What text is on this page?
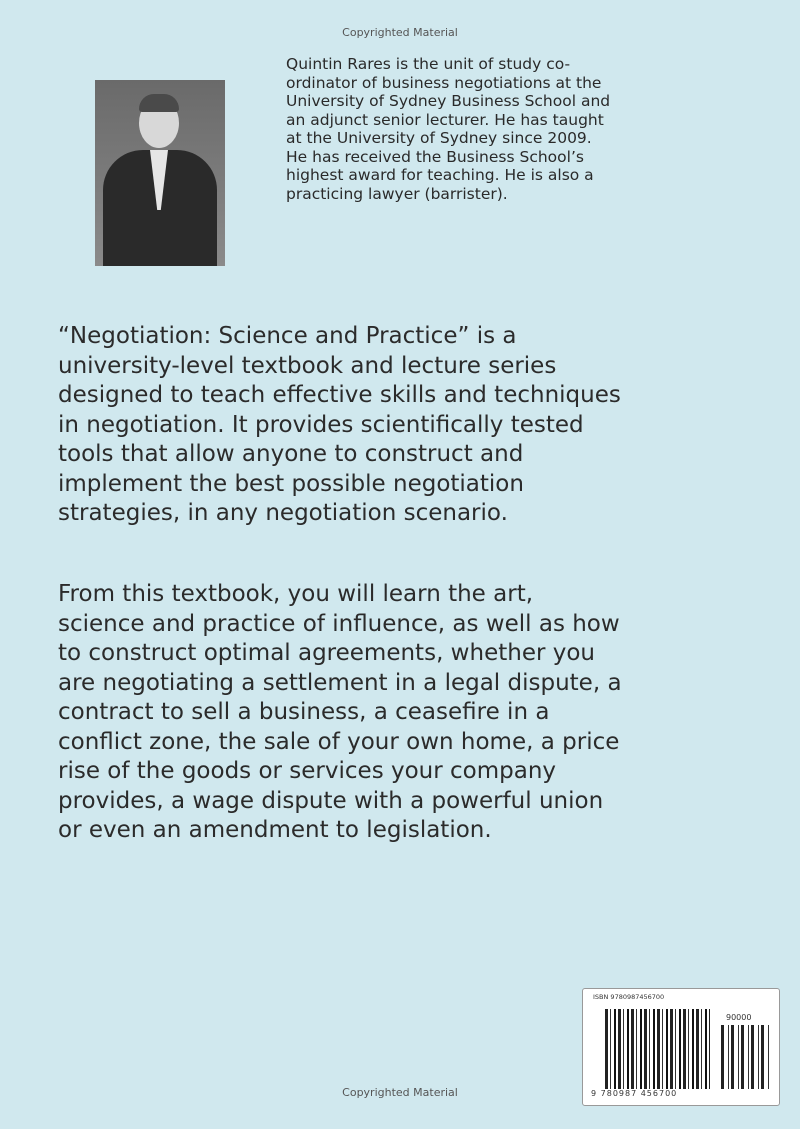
Copyrighted Material
Quintin Rares is the unit of study co-
ordinator of business negotiations at the
University of Sydney Business School and
an adjunct senior lecturer. He has taught
at the University of Sydney since 2009.
He has received the Business School’s
highest award for teaching. He is also a
practicing lawyer (barrister).
“Negotiation: Science and Practice” is a
university-level textbook and lecture series
designed to teach effective skills and techniques
in negotiation. It provides scientifically tested
tools that allow anyone to construct and
implement the best possible negotiation
strategies, in any negotiation scenario.
From this textbook, you will learn the art,
science and practice of influence, as well as how
to construct optimal agreements, whether you
are negotiating a settlement in a legal dispute, a
contract to sell a business, a ceasefire in a
conflict zone, the sale of your own home, a price
rise of the goods or services your company
provides, a wage dispute with a powerful union
or even an amendment to legislation.
ISBN 9780987456700
90000
9 780987 456700
Copyrighted Material
